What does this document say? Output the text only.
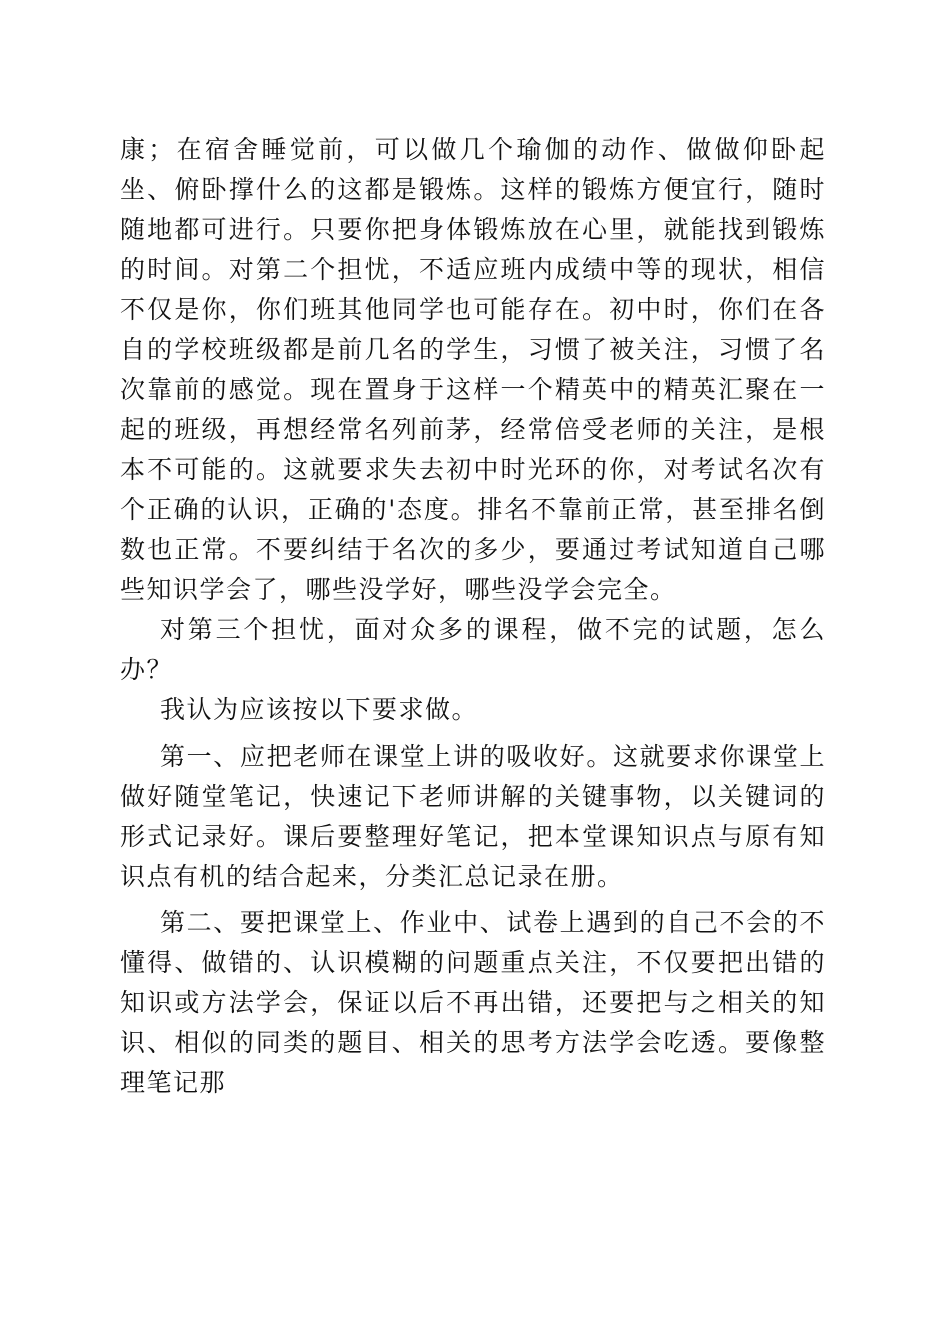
康；在宿舍睡觉前，可以做几个瑜伽的动作、做做仰卧起坐、俯卧撑什么的这都是锻炼。这样的锻炼方便宜行，随时随地都可进行。只要你把身体锻炼放在心里，就能找到锻炼的时间。对第二个担忧，不适应班内成绩中等的现状，相信不仅是你，你们班其他同学也可能存在。初中时，你们在各自的学校班级都是前几名的学生，习惯了被关注，习惯了名次靠前的感觉。现在置身于这样一个精英中的精英汇聚在一起的班级，再想经常名列前茅，经常倍受老师的关注，是根本不可能的。这就要求失去初中时光环的你，对考试名次有个正确的认识，正确的'态度。排名不靠前正常，甚至排名倒数也正常。不要纠结于名次的多少，要通过考试知道自己哪些知识学会了，哪些没学好，哪些没学会完全。

对第三个担忧，面对众多的课程，做不完的试题，怎么办？

我认为应该按以下要求做。

第一、应把老师在课堂上讲的吸收好。这就要求你课堂上做好随堂笔记，快速记下老师讲解的关键事物，以关键词的形式记录好。课后要整理好笔记，把本堂课知识点与原有知识点有机的结合起来，分类汇总记录在册。

第二、要把课堂上、作业中、试卷上遇到的自己不会的不懂得、做错的、认识模糊的问题重点关注，不仅要把出错的知识或方法学会，保证以后不再出错，还要把与之相关的知识、相似的同类的题目、相关的思考方法学会吃透。要像整理笔记那
